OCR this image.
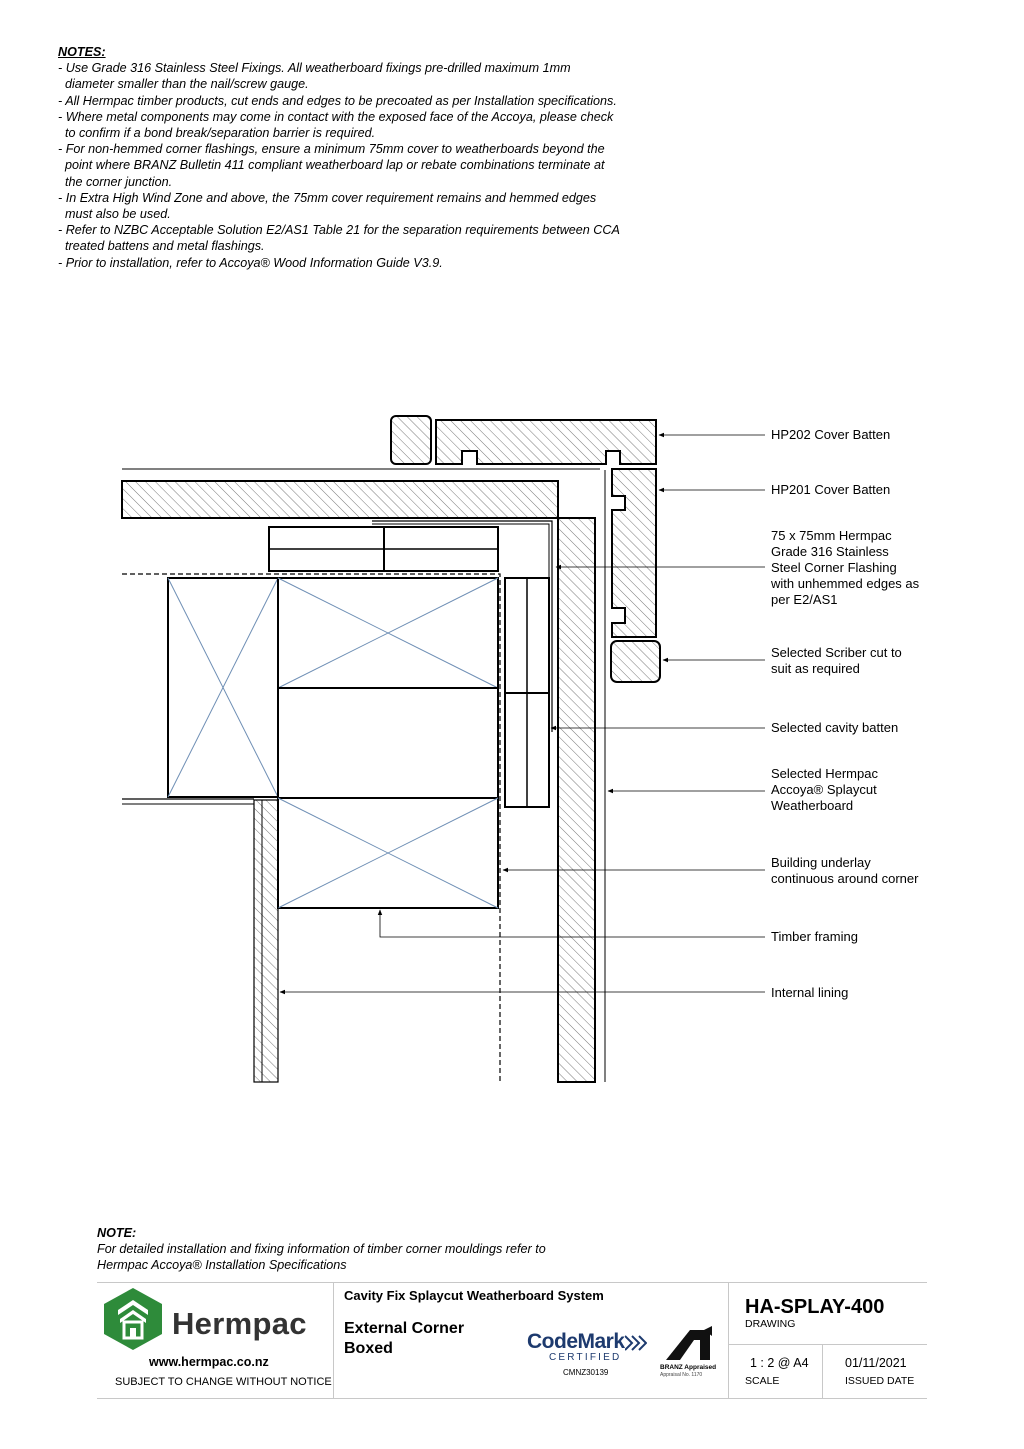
NOTES:
- Use Grade 316 Stainless Steel Fixings. All weatherboard fixings pre-drilled maximum 1mm
diameter smaller than the nail/screw gauge.
- All Hermpac timber products, cut ends and edges to be precoated as per Installation specifications.
- Where metal components may come in contact with the exposed face of the Accoya, please check
to confirm if a bond break/separation barrier is required.
- For non-hemmed corner flashings, ensure a minimum 75mm cover to weatherboards beyond the
point where BRANZ Bulletin 411 compliant weatherboard lap or rebate combinations terminate at
the corner junction.
- In Extra High Wind Zone and above, the 75mm cover requirement remains and hemmed edges
must also be used.
- Refer to NZBC Acceptable Solution E2/AS1 Table 21 for the separation requirements between CCA
treated battens and metal flashings.
- Prior to installation, refer to Accoya® Wood Information Guide V3.9.
HP202 Cover Batten
HP201 Cover Batten
75 x 75mm Hermpac
Grade 316 Stainless
Steel Corner Flashing
with unhemmed edges as
per E2/AS1
Selected Scriber cut to
suit as required
Selected cavity batten
Selected Hermpac
Accoya® Splaycut
Weatherboard
Building underlay
continuous around corner
Timber framing
Internal lining
NOTE:
For detailed installation and fixing information of timber corner mouldings refer to
Hermpac Accoya® Installation Specifications
Hermpac
www.hermpac.co.nz
SUBJECT TO CHANGE WITHOUT NOTICE
Cavity Fix Splaycut Weatherboard System
External Corner
Boxed	CodeMark
CERTIFIED
CMNZ30139
BRANZ Appraised
Appraisal No. 1170
HA-SPLAY-400
DRAWING
1 : 2 @ A4
SCALE
01/11/2021
ISSUED DATE
